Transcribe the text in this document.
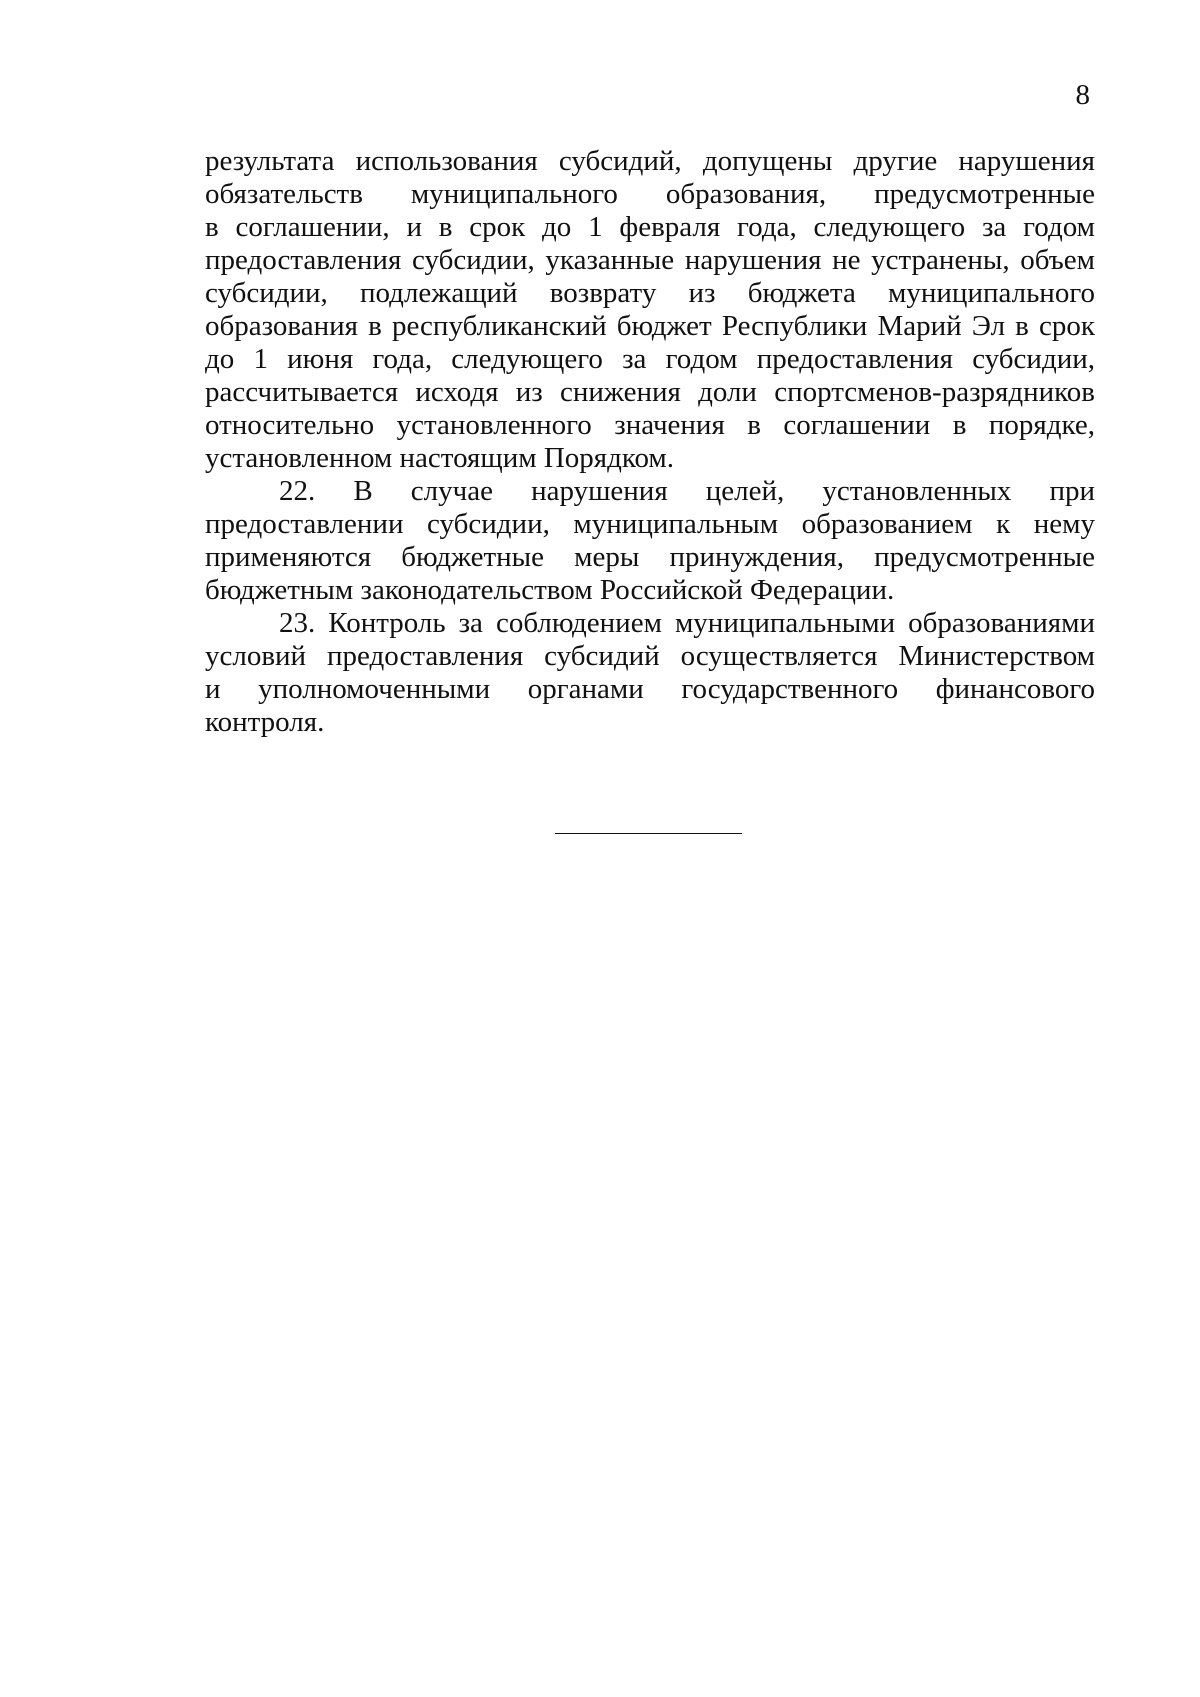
8

результата использования субсидий, допущены другие нарушения
обязательств муниципального образования, предусмотренные
в соглашении, и в срок до 1 февраля года, следующего за годом
предоставления субсидии, указанные нарушения не устранены, объем
субсидии, подлежащий возврату из бюджета муниципального
образования в республиканский бюджет Республики Марий Эл в срок
до 1 июня года, следующего за годом предоставления субсидии,
рассчитывается исходя из снижения доли спортсменов-разрядников
относительно установленного значения в соглашении в порядке,
установленном настоящим Порядком.

22. В случае нарушения целей, установленных при
предоставлении субсидии, муниципальным образованием к нему
применяются бюджетные меры принуждения, предусмотренные
бюджетным законодательством Российской Федерации.

23. Контроль за соблюдением муниципальными образованиями
условий предоставления субсидий осуществляется Министерством
и уполномоченными органами государственного финансового контроля.
